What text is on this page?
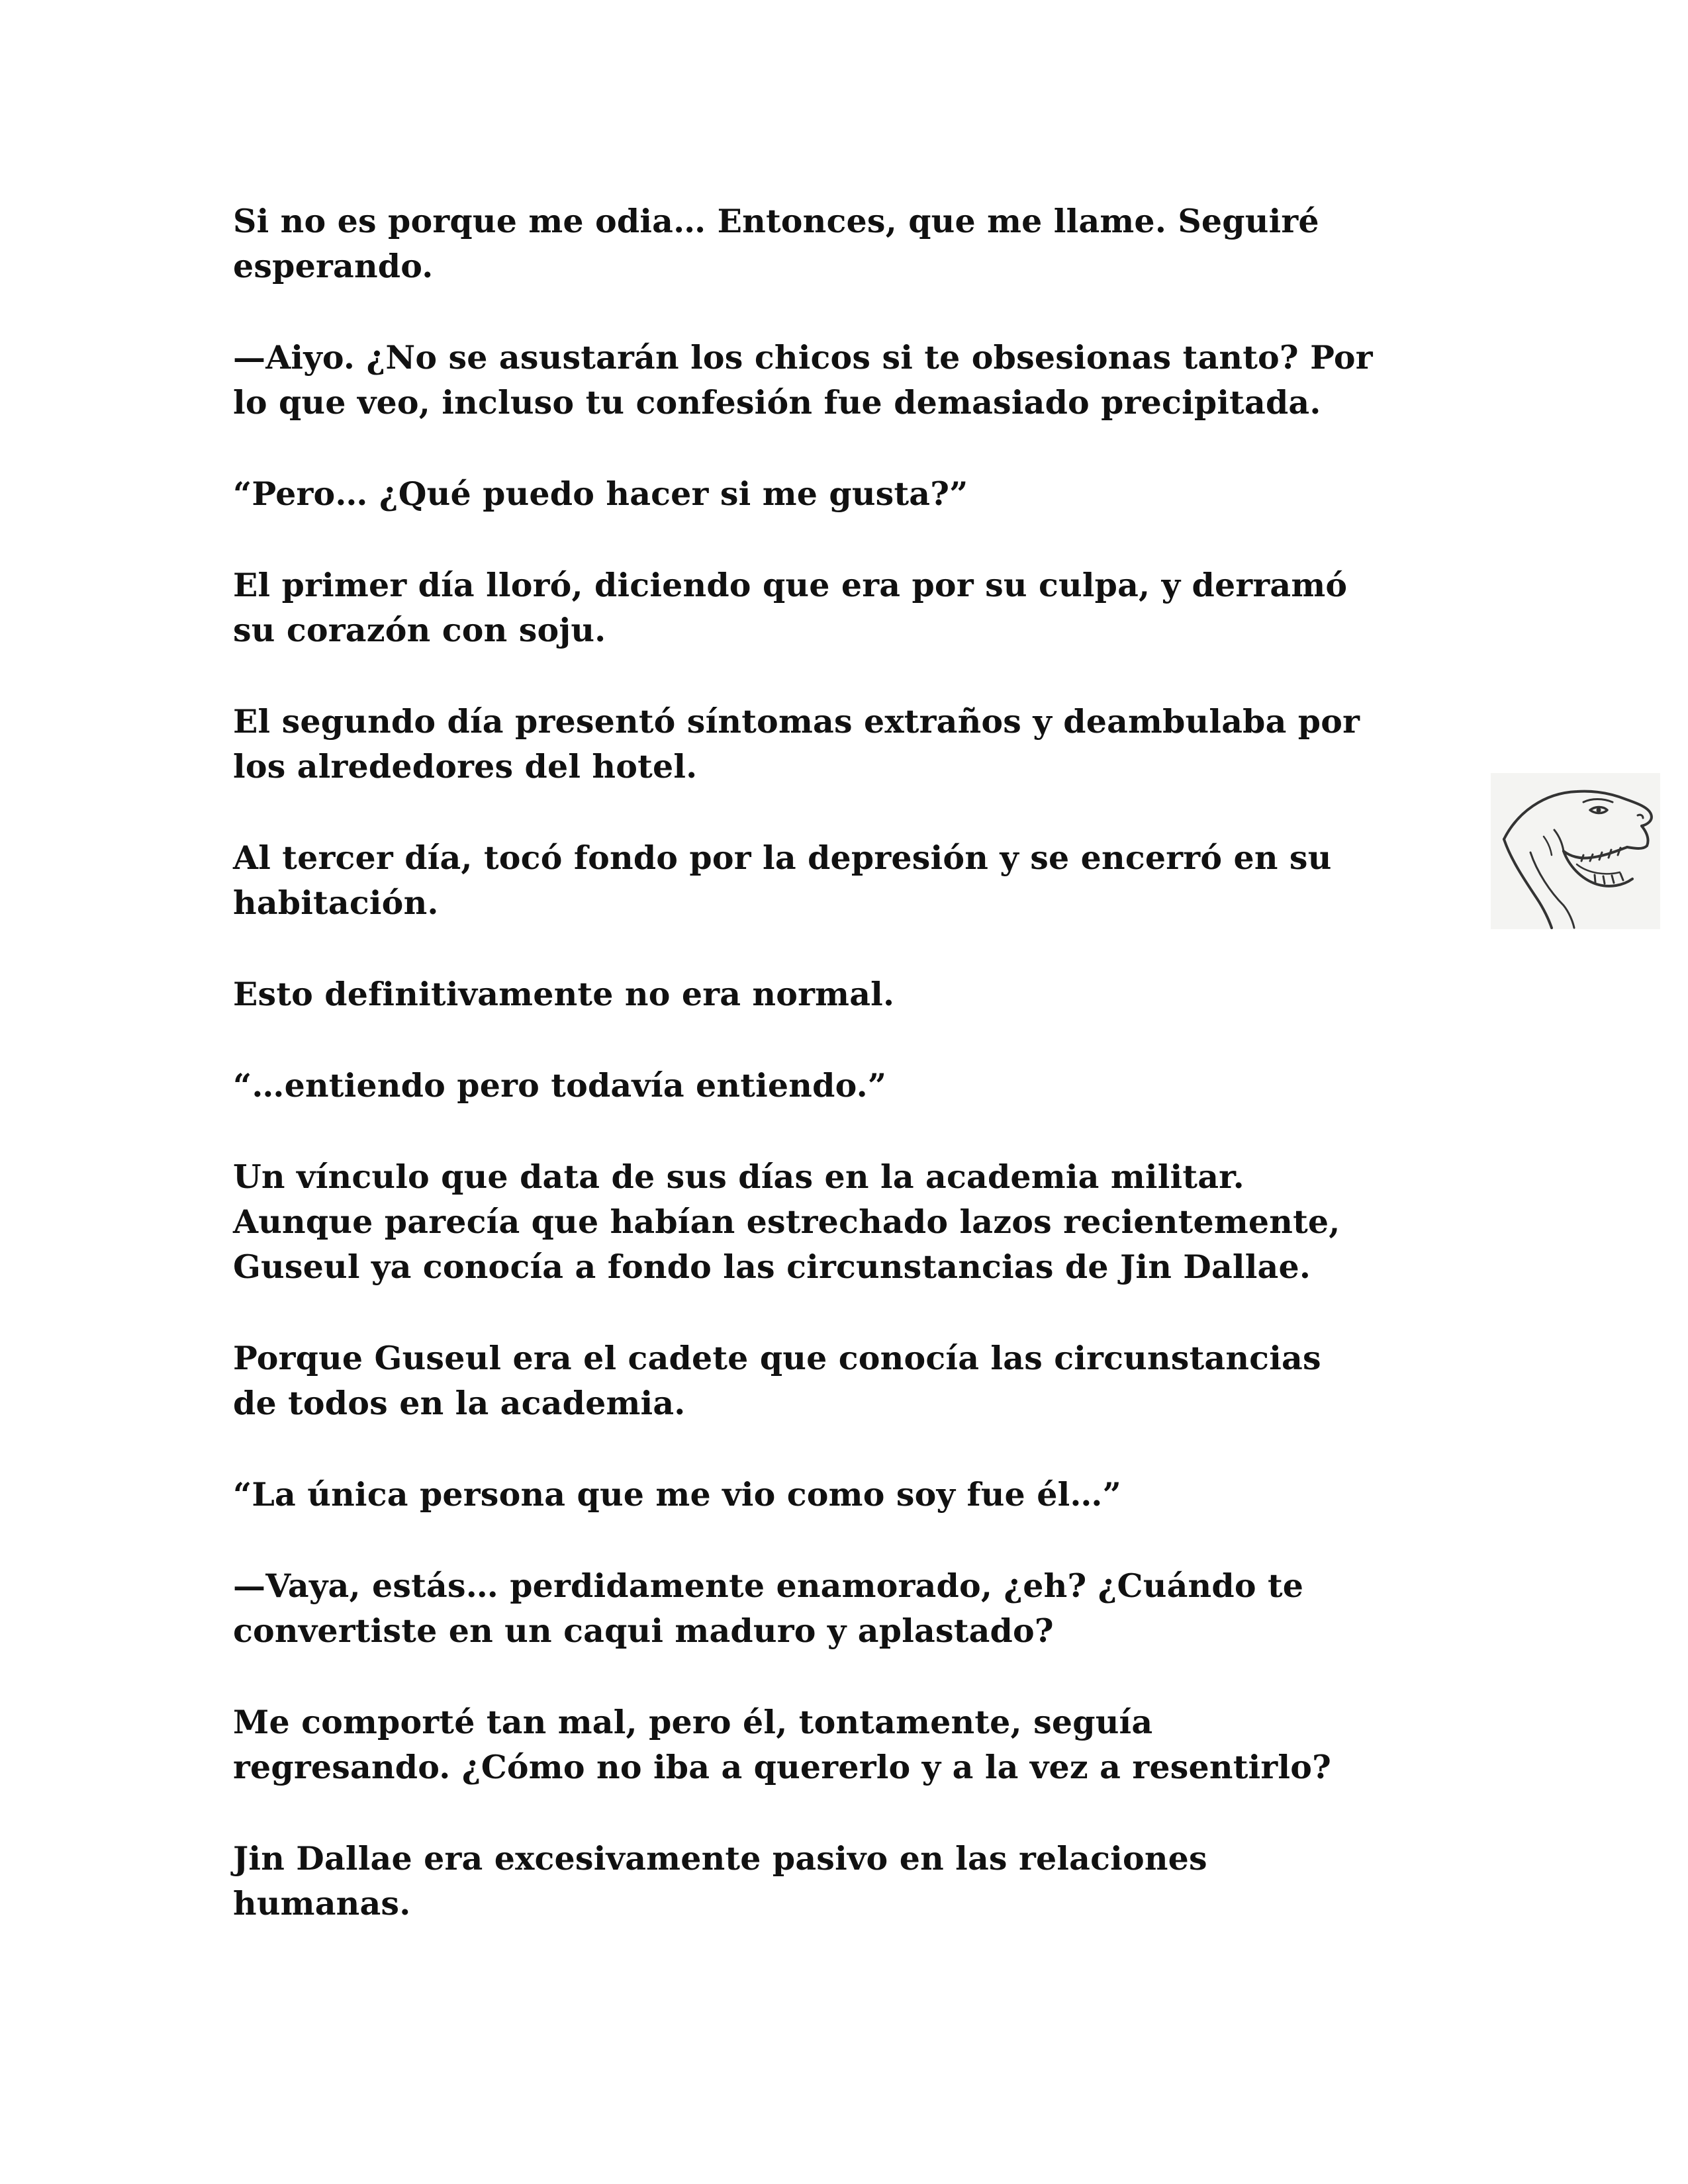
Si no es porque me odia… Entonces, que me llame. Seguiré
esperando.

—Aiyo. ¿No se asustarán los chicos si te obsesionas tanto? Por
lo que veo, incluso tu confesión fue demasiado precipitada.

“Pero… ¿Qué puedo hacer si me gusta?”

El primer día lloró, diciendo que era por su culpa, y derramó
su corazón con soju.

El segundo día presentó síntomas extraños y deambulaba por
los alrededores del hotel.

Al tercer día, tocó fondo por la depresión y se encerró en su
habitación.

Esto definitivamente no era normal.

“…entiendo pero todavía entiendo.”

Un vínculo que data de sus días en la academia militar.
Aunque parecía que habían estrechado lazos recientemente,
Guseul ya conocía a fondo las circunstancias de Jin Dallae.

Porque Guseul era el cadete que conocía las circunstancias
de todos en la academia.

“La única persona que me vio como soy fue él…”

—Vaya, estás… perdidamente enamorado, ¿eh? ¿Cuándo te
convertiste en un caqui maduro y aplastado?

Me comporté tan mal, pero él, tontamente, seguía
regresando. ¿Cómo no iba a quererlo y a la vez a resentirlo?

Jin Dallae era excesivamente pasivo en las relaciones
humanas.
